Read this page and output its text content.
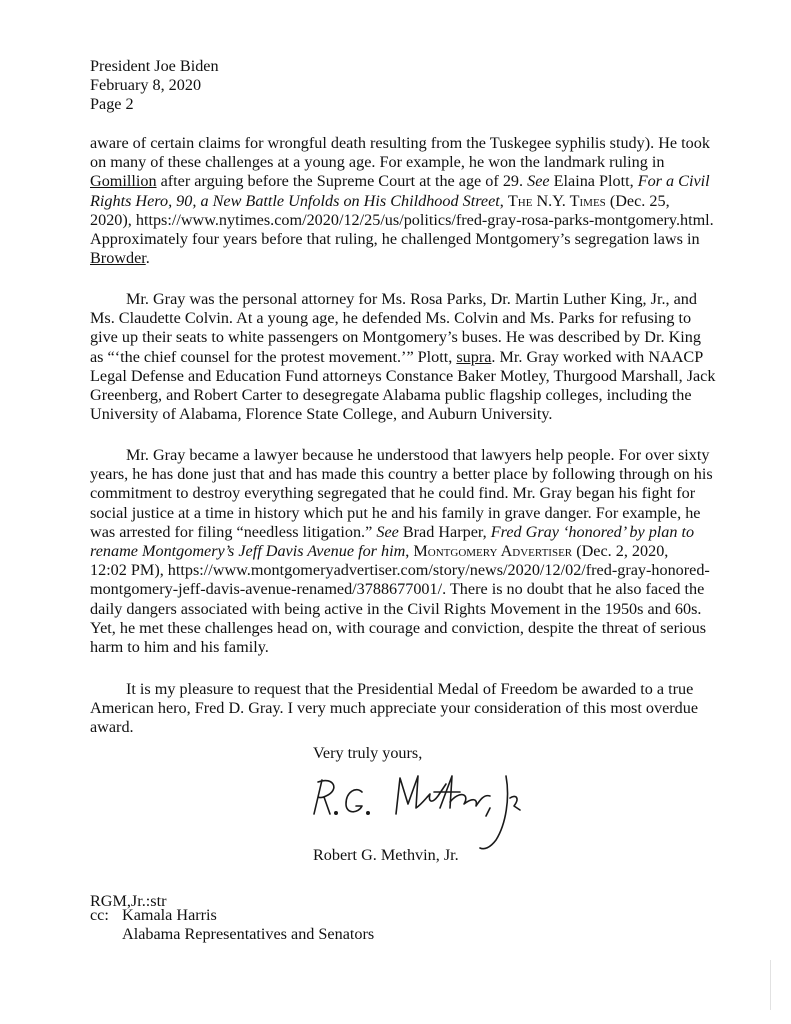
President Joe Biden
February 8, 2020
Page 2

aware of certain claims for wrongful death resulting from the Tuskegee syphilis study). He took
on many of these challenges at a young age. For example, he won the landmark ruling in
Gomillion after arguing before the Supreme Court at the age of 29. See Elaina Plott, For a Civil
Rights Hero, 90, a New Battle Unfolds on His Childhood Street, The N.Y. Times (Dec. 25,
2020), https://www.nytimes.com/2020/12/25/us/politics/fred-gray-rosa-parks-montgomery.html.
Approximately four years before that ruling, he challenged Montgomery’s segregation laws in
Browder.

Mr. Gray was the personal attorney for Ms. Rosa Parks, Dr. Martin Luther King, Jr., and
Ms. Claudette Colvin. At a young age, he defended Ms. Colvin and Ms. Parks for refusing to
give up their seats to white passengers on Montgomery’s buses. He was described by Dr. King
as “‘the chief counsel for the protest movement.’” Plott, supra. Mr. Gray worked with NAACP
Legal Defense and Education Fund attorneys Constance Baker Motley, Thurgood Marshall, Jack
Greenberg, and Robert Carter to desegregate Alabama public flagship colleges, including the
University of Alabama, Florence State College, and Auburn University.

Mr. Gray became a lawyer because he understood that lawyers help people. For over sixty
years, he has done just that and has made this country a better place by following through on his
commitment to destroy everything segregated that he could find. Mr. Gray began his fight for
social justice at a time in history which put he and his family in grave danger. For example, he
was arrested for filing “needless litigation.” See Brad Harper, Fred Gray ‘honored’ by plan to
rename Montgomery’s Jeff Davis Avenue for him, Montgomery Advertiser (Dec. 2, 2020,
12:02 PM), https://www.montgomeryadvertiser.com/story/news/2020/12/02/fred-gray-honored-
montgomery-jeff-davis-avenue-renamed/3788677001/. There is no doubt that he also faced the
daily dangers associated with being active in the Civil Rights Movement in the 1950s and 60s.
Yet, he met these challenges head on, with courage and conviction, despite the threat of serious
harm to him and his family.

It is my pleasure to request that the Presidential Medal of Freedom be awarded to a true
American hero, Fred D. Gray. I very much appreciate your consideration of this most overdue
award.

Very truly yours,
Robert G. Methvin, Jr.
RGM,Jr.:str
cc: Kamala Harris
Alabama Representatives and Senators
